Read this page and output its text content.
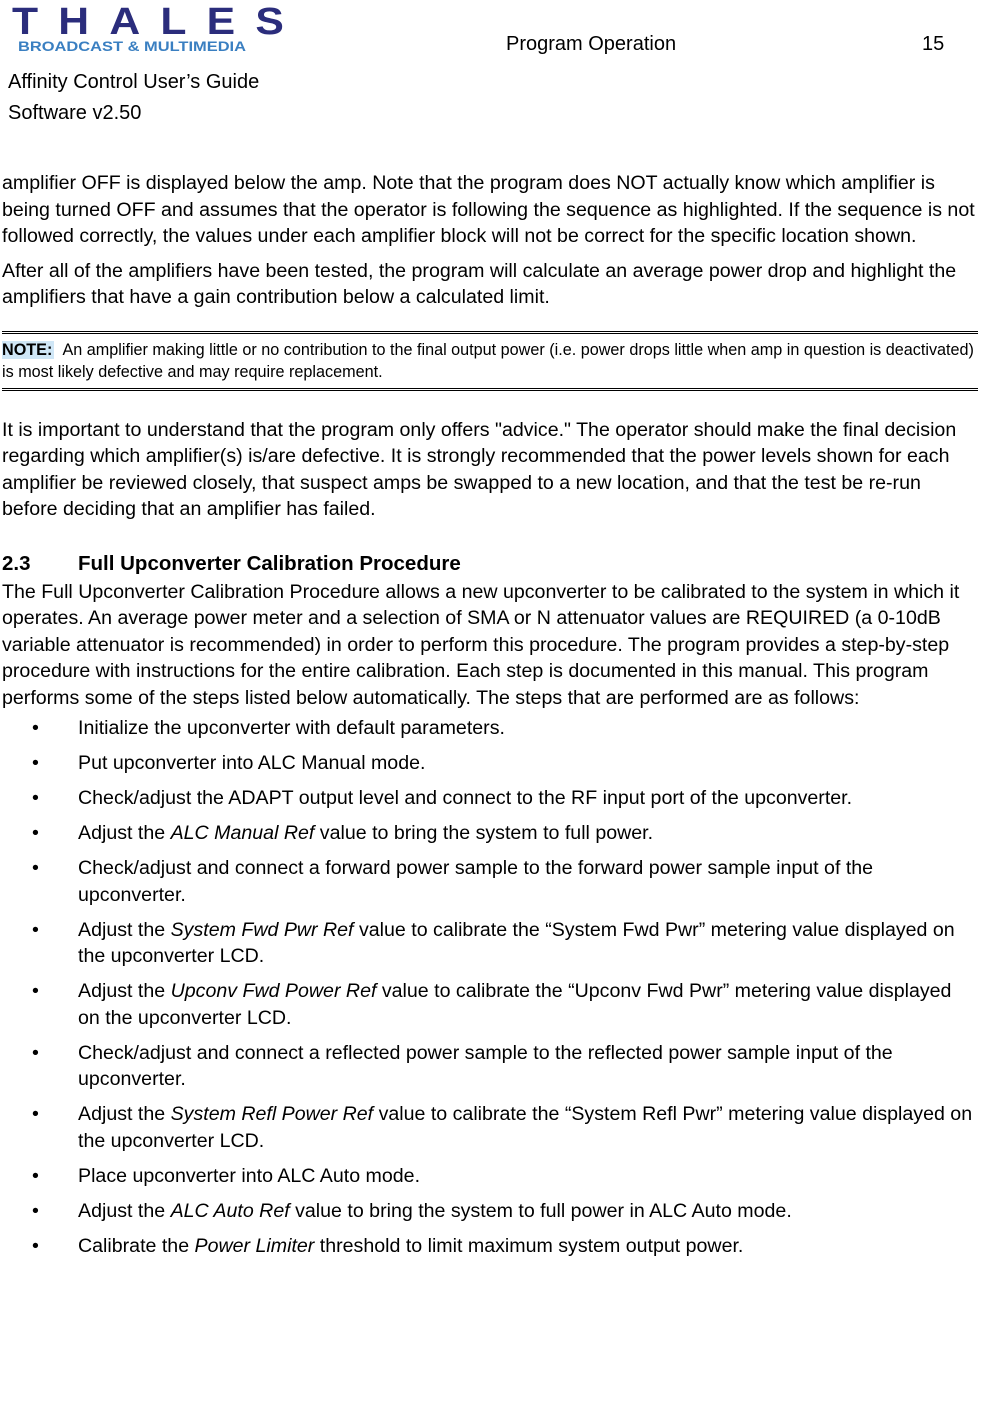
THALES
BROADCAST & MULTIMEDIA
Affinity Control User’s Guide
Software v2.50
Program Operation	15

amplifier OFF is displayed below the amp. Note that the program does NOT actually know which amplifier is being turned OFF and assumes that the operator is following the sequence as highlighted. If the sequence is not followed correctly, the values under each amplifier block will not be correct for the specific location shown.

After all of the amplifiers have been tested, the program will calculate an average power drop and highlight the amplifiers that have a gain contribution below a calculated limit.

NOTE: An amplifier making little or no contribution to the final output power (i.e. power drops little when amp in question is deactivated) is most likely defective and may require replacement.

It is important to understand that the program only offers "advice." The operator should make the final decision regarding which amplifier(s) is/are defective. It is strongly recommended that the power levels shown for each amplifier be reviewed closely, that suspect amps be swapped to a new location, and that the test be re-run before deciding that an amplifier has failed.

2.3 Full Upconverter Calibration Procedure

The Full Upconverter Calibration Procedure allows a new upconverter to be calibrated to the system in which it operates. An average power meter and a selection of SMA or N attenuator values are REQUIRED (a 0-10dB variable attenuator is recommended) in order to perform this procedure. The program provides a step-by-step procedure with instructions for the entire calibration. Each step is documented in this manual. This program performs some of the steps listed below automatically. The steps that are performed are as follows:

• Initialize the upconverter with default parameters.
• Put upconverter into ALC Manual mode.
• Check/adjust the ADAPT output level and connect to the RF input port of the upconverter.
• Adjust the ALC Manual Ref value to bring the system to full power.
• Check/adjust and connect a forward power sample to the forward power sample input of the upconverter.
• Adjust the System Fwd Pwr Ref value to calibrate the “System Fwd Pwr” metering value displayed on the upconverter LCD.
• Adjust the Upconv Fwd Power Ref value to calibrate the “Upconv Fwd Pwr” metering value displayed on the upconverter LCD.
• Check/adjust and connect a reflected power sample to the reflected power sample input of the upconverter.
• Adjust the System Refl Power Ref value to calibrate the “System Refl Pwr” metering value displayed on the upconverter LCD.
• Place upconverter into ALC Auto mode.
• Adjust the ALC Auto Ref value to bring the system to full power in ALC Auto mode.
• Calibrate the Power Limiter threshold to limit maximum system output power.
